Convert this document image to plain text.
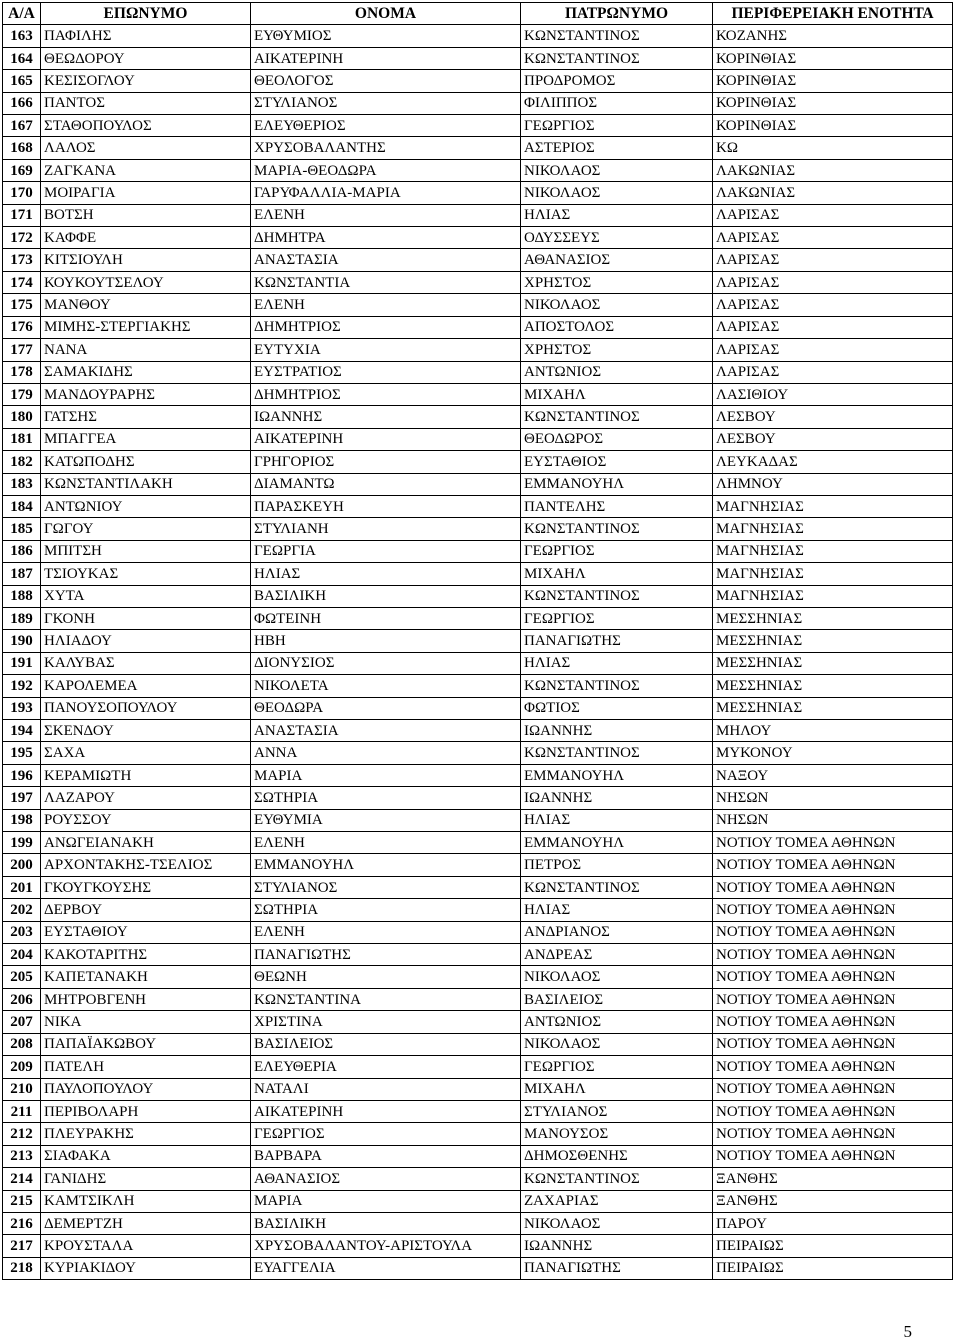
Α/Α	ΕΠΩΝΥΜΟ	ΟΝΟΜΑ	ΠΑΤΡΩΝΥΜΟ	ΠΕΡΙΦΕΡΕΙΑΚΗ ΕΝΟΤΗΤΑ
163	ΠΑΦΙΛΗΣ	ΕΥΘΥΜΙΟΣ	ΚΩΝΣΤΑΝΤΙΝΟΣ	ΚΟΖΑΝΗΣ
164	ΘΕΩΔΟΡΟΥ	ΑΙΚΑΤΕΡΙΝΗ	ΚΩΝΣΤΑΝΤΙΝΟΣ	ΚΟΡΙΝΘΙΑΣ
165	ΚΕΣΙΣΟΓΛΟΥ	ΘΕΟΛΟΓΟΣ	ΠΡΟΔΡΟΜΟΣ	ΚΟΡΙΝΘΙΑΣ
166	ΠΑΝΤΟΣ	ΣΤΥΛΙΑΝΟΣ	ΦΙΛΙΠΠΟΣ	ΚΟΡΙΝΘΙΑΣ
167	ΣΤΑΘΟΠΟΥΛΟΣ	ΕΛΕΥΘΕΡΙΟΣ	ΓΕΩΡΓΙΟΣ	ΚΟΡΙΝΘΙΑΣ
168	ΛΑΛΟΣ	ΧΡΥΣΟΒΑΛΑΝΤΗΣ	ΑΣΤΕΡΙΟΣ	ΚΩ
169	ΖΑΓΚΑΝΑ	ΜΑΡΙΑ-ΘΕΟΔΩΡΑ	ΝΙΚΟΛΑΟΣ	ΛΑΚΩΝΙΑΣ
170	ΜΟΙΡΑΓΙΑ	ΓΑΡΥΦΑΛΛΙΑ-ΜΑΡΙΑ	ΝΙΚΟΛΑΟΣ	ΛΑΚΩΝΙΑΣ
171	ΒΟΤΣΗ	ΕΛΕΝΗ	ΗΛΙΑΣ	ΛΑΡΙΣΑΣ
172	ΚΑΦΦΕ	ΔΗΜΗΤΡΑ	ΟΔΥΣΣΕΥΣ	ΛΑΡΙΣΑΣ
173	ΚΙΤΣΙΟΥΛΗ	ΑΝΑΣΤΑΣΙΑ	ΑΘΑΝΑΣΙΟΣ	ΛΑΡΙΣΑΣ
174	ΚΟΥΚΟΥΤΣΕΛΟΥ	ΚΩΝΣΤΑΝΤΙΑ	ΧΡΗΣΤΟΣ	ΛΑΡΙΣΑΣ
175	ΜΑΝΘΟΥ	ΕΛΕΝΗ	ΝΙΚΟΛΑΟΣ	ΛΑΡΙΣΑΣ
176	ΜΙΜΗΣ-ΣΤΕΡΓΙΑΚΗΣ	ΔΗΜΗΤΡΙΟΣ	ΑΠΟΣΤΟΛΟΣ	ΛΑΡΙΣΑΣ
177	ΝΑΝΑ	ΕΥΤΥΧΙΑ	ΧΡΗΣΤΟΣ	ΛΑΡΙΣΑΣ
178	ΣΑΜΑΚΙΔΗΣ	ΕΥΣΤΡΑΤΙΟΣ	ΑΝΤΩΝΙΟΣ	ΛΑΡΙΣΑΣ
179	ΜΑΝΔΟΥΡΑΡΗΣ	ΔΗΜΗΤΡΙΟΣ	ΜΙΧΑΗΛ	ΛΑΣΙΘΙΟΥ
180	ΓΑΤΣΗΣ	ΙΩΑΝΝΗΣ	ΚΩΝΣΤΑΝΤΙΝΟΣ	ΛΕΣΒΟΥ
181	ΜΠΑΓΓΕΑ	ΑΙΚΑΤΕΡΙΝΗ	ΘΕΟΔΩΡΟΣ	ΛΕΣΒΟΥ
182	ΚΑΤΩΠΟΔΗΣ	ΓΡΗΓΟΡΙΟΣ	ΕΥΣΤΑΘΙΟΣ	ΛΕΥΚΑΔΑΣ
183	ΚΩΝΣΤΑΝΤΙΛΑΚΗ	ΔΙΑΜΑΝΤΩ	ΕΜΜΑΝΟΥΗΛ	ΛΗΜΝΟΥ
184	ΑΝΤΩΝΙΟΥ	ΠΑΡΑΣΚΕΥΗ	ΠΑΝΤΕΛΗΣ	ΜΑΓΝΗΣΙΑΣ
185	ΓΩΓΟΥ	ΣΤΥΛΙΑΝΗ	ΚΩΝΣΤΑΝΤΙΝΟΣ	ΜΑΓΝΗΣΙΑΣ
186	ΜΠΙΤΣΗ	ΓΕΩΡΓΙΑ	ΓΕΩΡΓΙΟΣ	ΜΑΓΝΗΣΙΑΣ
187	ΤΣΙΟΥΚΑΣ	ΗΛΙΑΣ	ΜΙΧΑΗΛ	ΜΑΓΝΗΣΙΑΣ
188	ΧΥΤΑ	ΒΑΣΙΛΙΚΗ	ΚΩΝΣΤΑΝΤΙΝΟΣ	ΜΑΓΝΗΣΙΑΣ
189	ΓΚΟΝΗ	ΦΩΤΕΙΝΗ	ΓΕΩΡΓΙΟΣ	ΜΕΣΣΗΝΙΑΣ
190	ΗΛΙΑΔΟΥ	ΗΒΗ	ΠΑΝΑΓΙΩΤΗΣ	ΜΕΣΣΗΝΙΑΣ
191	ΚΑΛΥΒΑΣ	ΔΙΟΝΥΣΙΟΣ	ΗΛΙΑΣ	ΜΕΣΣΗΝΙΑΣ
192	ΚΑΡΟΛΕΜΕΑ	ΝΙΚΟΛΕΤΑ	ΚΩΝΣΤΑΝΤΙΝΟΣ	ΜΕΣΣΗΝΙΑΣ
193	ΠΑΝΟΥΣΟΠΟΥΛΟΥ	ΘΕΟΔΩΡΑ	ΦΩΤΙΟΣ	ΜΕΣΣΗΝΙΑΣ
194	ΣΚΕΝΔΟΥ	ΑΝΑΣΤΑΣΙΑ	ΙΩΑΝΝΗΣ	ΜΗΛΟΥ
195	ΣΑΧΑ	ΑΝΝΑ	ΚΩΝΣΤΑΝΤΙΝΟΣ	ΜΥΚΟΝΟΥ
196	ΚΕΡΑΜΙΩΤΗ	ΜΑΡΙΑ	ΕΜΜΑΝΟΥΗΛ	ΝΑΞΟΥ
197	ΛΑΖΑΡΟΥ	ΣΩΤΗΡΙΑ	ΙΩΑΝΝΗΣ	ΝΗΣΩΝ
198	ΡΟΥΣΣΟΥ	ΕΥΘΥΜΙΑ	ΗΛΙΑΣ	ΝΗΣΩΝ
199	ΑΝΩΓΕΙΑΝΑΚΗ	ΕΛΕΝΗ	ΕΜΜΑΝΟΥΗΛ	ΝΟΤΙΟΥ ΤΟΜΕΑ ΑΘΗΝΩΝ
200	ΑΡΧΟΝΤΑΚΗΣ-ΤΣΕΛΙΟΣ	ΕΜΜΑΝΟΥΗΛ	ΠΕΤΡΟΣ	ΝΟΤΙΟΥ ΤΟΜΕΑ ΑΘΗΝΩΝ
201	ΓΚΟΥΓΚΟΥΣΗΣ	ΣΤΥΛΙΑΝΟΣ	ΚΩΝΣΤΑΝΤΙΝΟΣ	ΝΟΤΙΟΥ ΤΟΜΕΑ ΑΘΗΝΩΝ
202	ΔΕΡΒΟΥ	ΣΩΤΗΡΙΑ	ΗΛΙΑΣ	ΝΟΤΙΟΥ ΤΟΜΕΑ ΑΘΗΝΩΝ
203	ΕΥΣΤΑΘΙΟΥ	ΕΛΕΝΗ	ΑΝΔΡΙΑΝΟΣ	ΝΟΤΙΟΥ ΤΟΜΕΑ ΑΘΗΝΩΝ
204	ΚΑΚΟΤΑΡΙΤΗΣ	ΠΑΝΑΓΙΩΤΗΣ	ΑΝΔΡΕΑΣ	ΝΟΤΙΟΥ ΤΟΜΕΑ ΑΘΗΝΩΝ
205	ΚΑΠΕΤΑΝΑΚΗ	ΘΕΩΝΗ	ΝΙΚΟΛΑΟΣ	ΝΟΤΙΟΥ ΤΟΜΕΑ ΑΘΗΝΩΝ
206	ΜΗΤΡΟΒΓΕΝΗ	ΚΩΝΣΤΑΝΤΙΝΑ	ΒΑΣΙΛΕΙΟΣ	ΝΟΤΙΟΥ ΤΟΜΕΑ ΑΘΗΝΩΝ
207	ΝΙΚΑ	ΧΡΙΣΤΙΝΑ	ΑΝΤΩΝΙΟΣ	ΝΟΤΙΟΥ ΤΟΜΕΑ ΑΘΗΝΩΝ
208	ΠΑΠΑΪΑΚΩΒΟΥ	ΒΑΣΙΛΕΙΟΣ	ΝΙΚΟΛΑΟΣ	ΝΟΤΙΟΥ ΤΟΜΕΑ ΑΘΗΝΩΝ
209	ΠΑΤΕΛΗ	ΕΛΕΥΘΕΡΙΑ	ΓΕΩΡΓΙΟΣ	ΝΟΤΙΟΥ ΤΟΜΕΑ ΑΘΗΝΩΝ
210	ΠΑΥΛΟΠΟΥΛΟΥ	ΝΑΤΑΛΙ	ΜΙΧΑΗΛ	ΝΟΤΙΟΥ ΤΟΜΕΑ ΑΘΗΝΩΝ
211	ΠΕΡΙΒΟΛΑΡΗ	ΑΙΚΑΤΕΡΙΝΗ	ΣΤΥΛΙΑΝΟΣ	ΝΟΤΙΟΥ ΤΟΜΕΑ ΑΘΗΝΩΝ
212	ΠΛΕΥΡΑΚΗΣ	ΓΕΩΡΓΙΟΣ	ΜΑΝΟΥΣΟΣ	ΝΟΤΙΟΥ ΤΟΜΕΑ ΑΘΗΝΩΝ
213	ΣΙΑΦΑΚΑ	ΒΑΡΒΑΡΑ	ΔΗΜΟΣΘΕΝΗΣ	ΝΟΤΙΟΥ ΤΟΜΕΑ ΑΘΗΝΩΝ
214	ΓΑΝΙΔΗΣ	ΑΘΑΝΑΣΙΟΣ	ΚΩΝΣΤΑΝΤΙΝΟΣ	ΞΑΝΘΗΣ
215	ΚΑΜΤΣΙΚΛΗ	ΜΑΡΙΑ	ΖΑΧΑΡΙΑΣ	ΞΑΝΘΗΣ
216	ΔΕΜΕΡΤΖΗ	ΒΑΣΙΛΙΚΗ	ΝΙΚΟΛΑΟΣ	ΠΑΡΟΥ
217	ΚΡΟΥΣΤΑΛΑ	ΧΡΥΣΟΒΑΛΑΝΤΟΥ-ΑΡΙΣΤΟΥΛΑ	ΙΩΑΝΝΗΣ	ΠΕΙΡΑΙΩΣ
218	ΚΥΡΙΑΚΙΔΟΥ	ΕΥΑΓΓΕΛΙΑ	ΠΑΝΑΓΙΩΤΗΣ	ΠΕΙΡΑΙΩΣ
5
